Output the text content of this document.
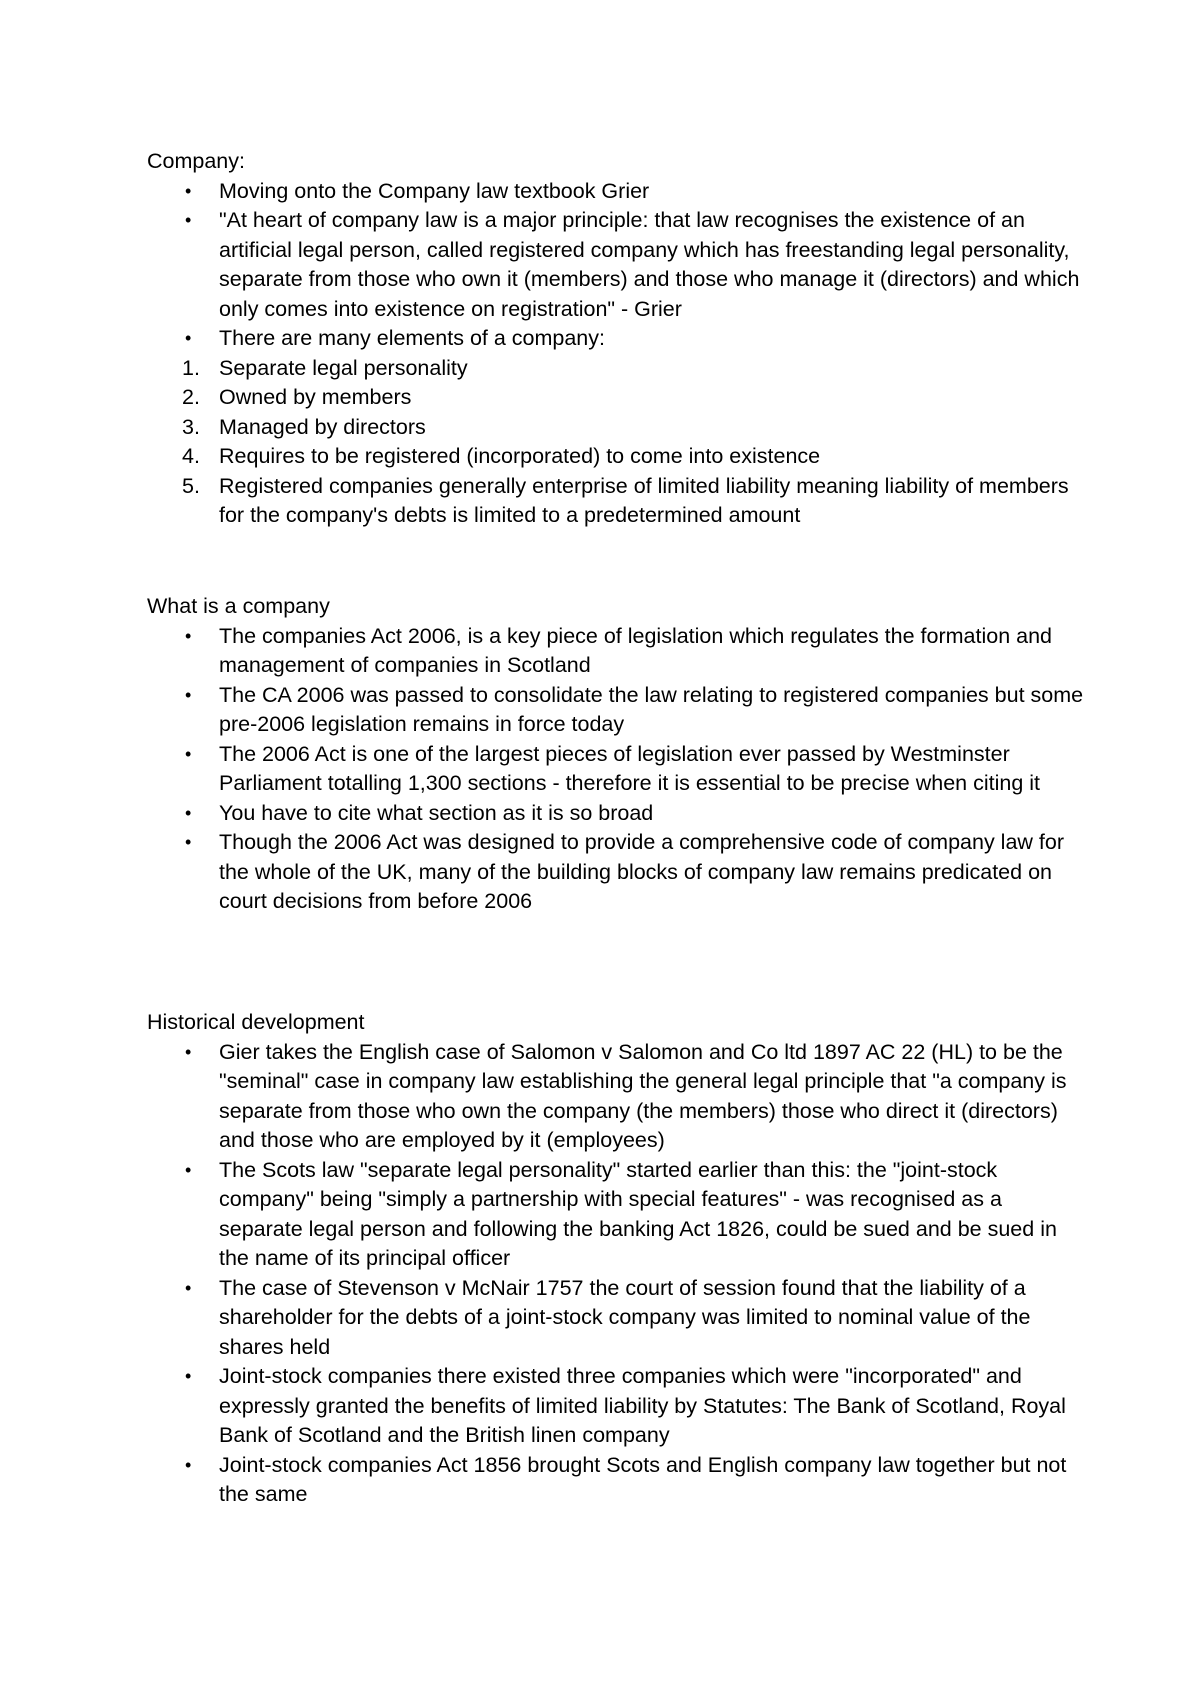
Company:

•	Moving onto the Company law textbook Grier
•	"At heart of company law is a major principle: that law recognises the existence of an artificial legal person, called registered company which has freestanding legal personality, separate from those who own it (members) and those who manage it (directors) and which only comes into existence on registration" - Grier
•	There are many elements of a company:
1. Separate legal personality
2. Owned by members
3. Managed by directors
4. Requires to be registered (incorporated) to come into existence
5. Registered companies generally enterprise of limited liability meaning liability of members for the company's debts is limited to a predetermined amount

What is a company

•	The companies Act 2006, is a key piece of legislation which regulates the formation and management of companies in Scotland
•	The CA 2006 was passed to consolidate the law relating to registered companies but some pre-2006 legislation remains in force today
•	The 2006 Act is one of the largest pieces of legislation ever passed by Westminster Parliament totalling 1,300 sections - therefore it is essential to be precise when citing it
•	You have to cite what section as it is so broad
•	Though the 2006 Act was designed to provide a comprehensive code of company law for the whole of the UK, many of the building blocks of company law remains predicated on court decisions from before 2006

Historical development

•	Gier takes the English case of Salomon v Salomon and Co ltd 1897 AC 22 (HL) to be the "seminal" case in company law establishing the general legal principle that "a company is separate from those who own the company (the members) those who direct it (directors) and those who are employed by it (employees)
•	The Scots law "separate legal personality" started earlier than this: the "joint-stock company" being "simply a partnership with special features" - was recognised as a separate legal person and following the banking Act 1826, could be sued and be sued in the name of its principal officer
•	The case of Stevenson v McNair 1757 the court of session found that the liability of a shareholder for the debts of a joint-stock company was limited to nominal value of the shares held
•	Joint-stock companies there existed three companies which were "incorporated" and expressly granted the benefits of limited liability by Statutes: The Bank of Scotland, Royal Bank of Scotland and the British linen company
•	Joint-stock companies Act 1856 brought Scots and English company law together but not the same
